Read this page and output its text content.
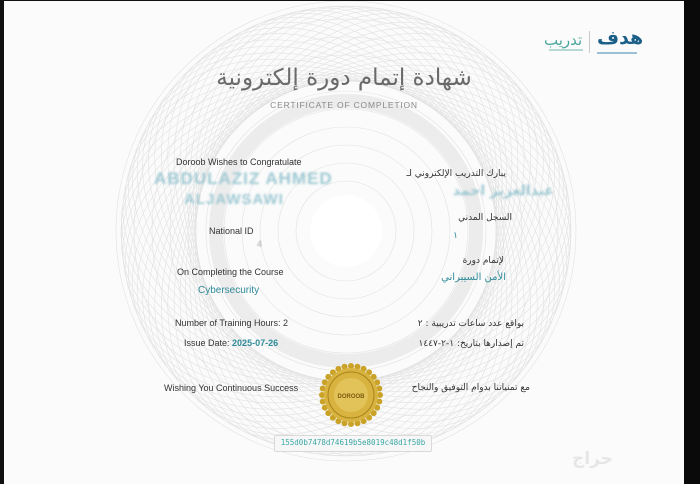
هدف
تدريب
شهادة إتمام دورة إلكترونية
CERTIFICATE OF COMPLETION
Doroob Wishes to Congratulate
ABDULAZIZ AHMED
ALJAWSAWI
National ID
4
On Completing the Course
Cybersecurity
Number of Training Hours: 2
Issue Date: 2025-07-26
Wishing You Continuous Success
يبارك التدريب الإلكتروني لـ
عبدالعزيز احمد
السجل المدني
١
لإتمام دورة
الأمن السيبراني
بواقع عدد ساعات تدريبية : ٢
تم إصدارها بتاريخ: ١-٢-١٤٤٧
مع تمنياتنا بدوام التوفيق والنجاح
DOROOB
155d0b7478d74619b5e8019c48d1f50b
حراج
